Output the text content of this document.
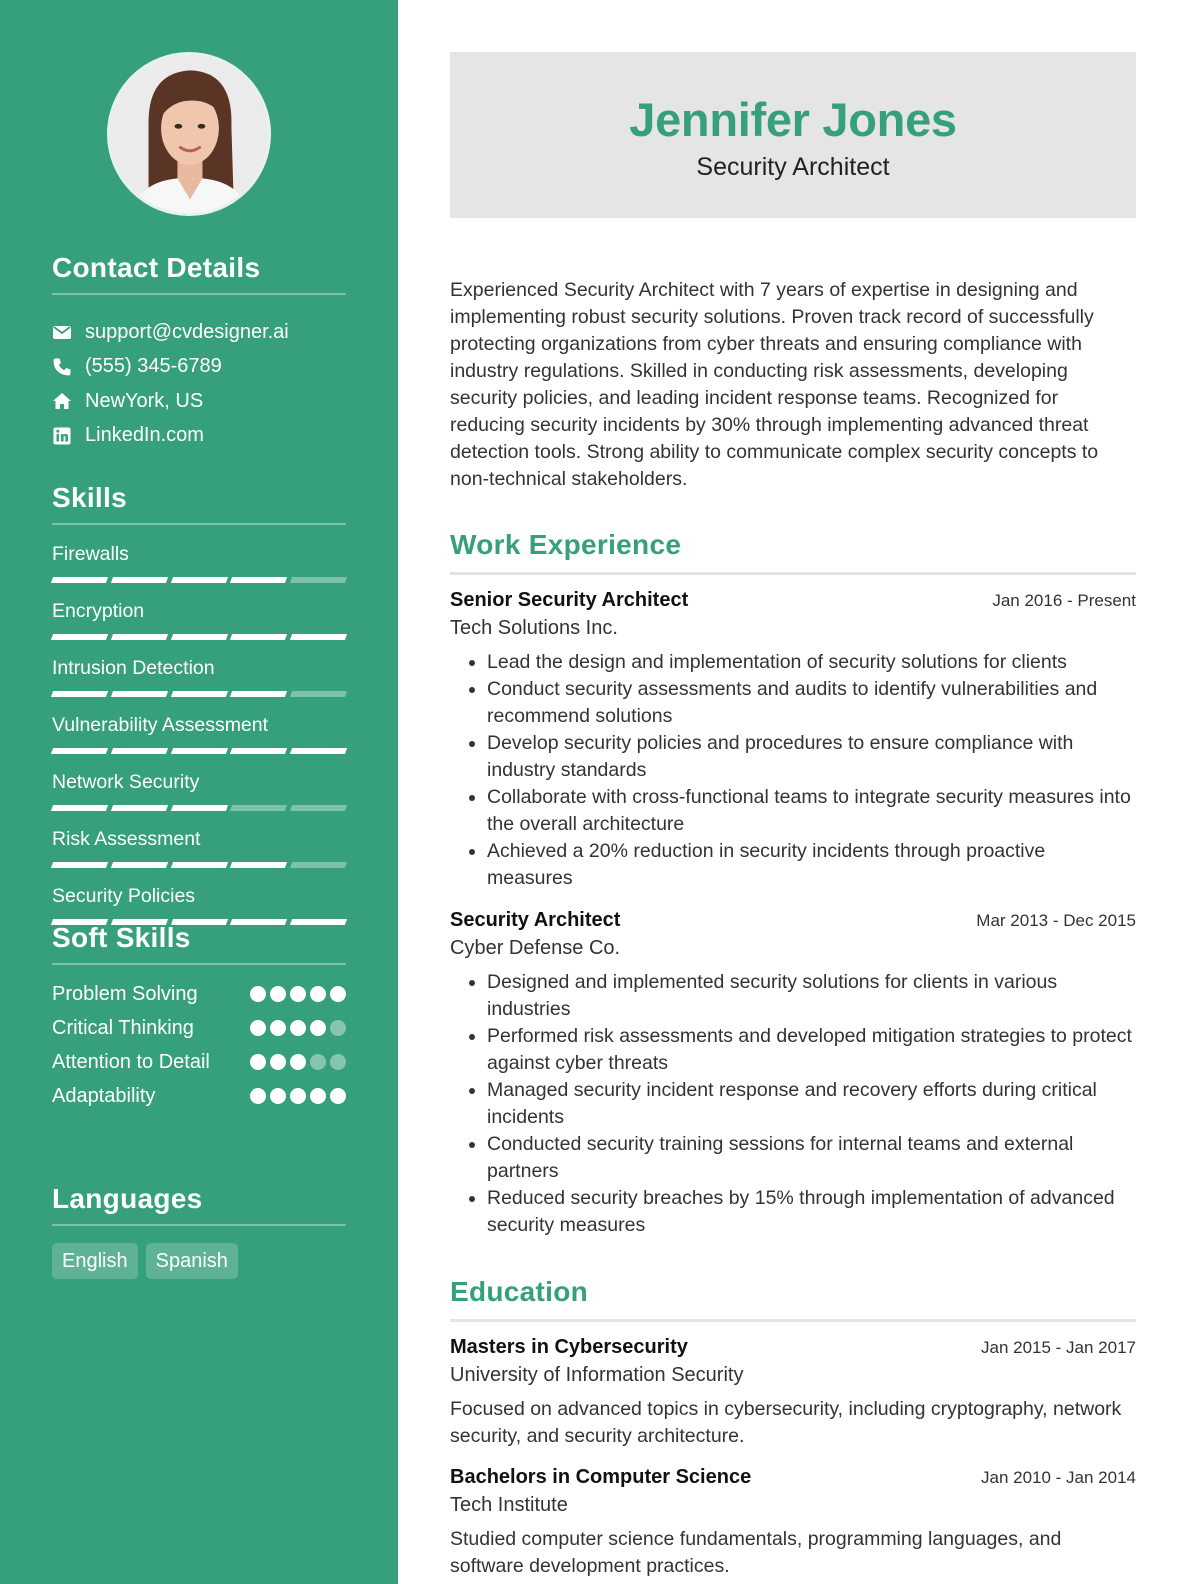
Contact Details
support@cvdesigner.ai
(555) 345-6789
NewYork, US
LinkedIn.com
Skills
Firewalls
Encryption
Intrusion Detection
Vulnerability Assessment
Network Security
Risk Assessment
Security Policies
Soft Skills
Problem Solving
Critical Thinking
Attention to Detail
Adaptability
Languages
English	Spanish
Jennifer Jones
Security Architect

Experienced Security Architect with 7 years of expertise in designing and implementing robust security solutions. Proven track record of successfully protecting organizations from cyber threats and ensuring compliance with industry regulations. Skilled in conducting risk assessments, developing security policies, and leading incident response teams. Recognized for reducing security incidents by 30% through implementing advanced threat detection tools. Strong ability to communicate complex security concepts to non-technical stakeholders.

Work Experience
Senior Security Architect	Jan 2016 - Present
Tech Solutions Inc.
• Lead the design and implementation of security solutions for clients
• Conduct security assessments and audits to identify vulnerabilities and recommend solutions
• Develop security policies and procedures to ensure compliance with industry standards
• Collaborate with cross-functional teams to integrate security measures into the overall architecture
• Achieved a 20% reduction in security incidents through proactive measures
Security Architect	Mar 2013 - Dec 2015
Cyber Defense Co.
• Designed and implemented security solutions for clients in various industries
• Performed risk assessments and developed mitigation strategies to protect against cyber threats
• Managed security incident response and recovery efforts during critical incidents
• Conducted security training sessions for internal teams and external partners
• Reduced security breaches by 15% through implementation of advanced security measures
Education
Masters in Cybersecurity	Jan 2015 - Jan 2017
University of Information Security

Focused on advanced topics in cybersecurity, including cryptography, network security, and security architecture.

Bachelors in Computer Science	Jan 2010 - Jan 2014
Tech Institute

Studied computer science fundamentals, programming languages, and software development practices.
